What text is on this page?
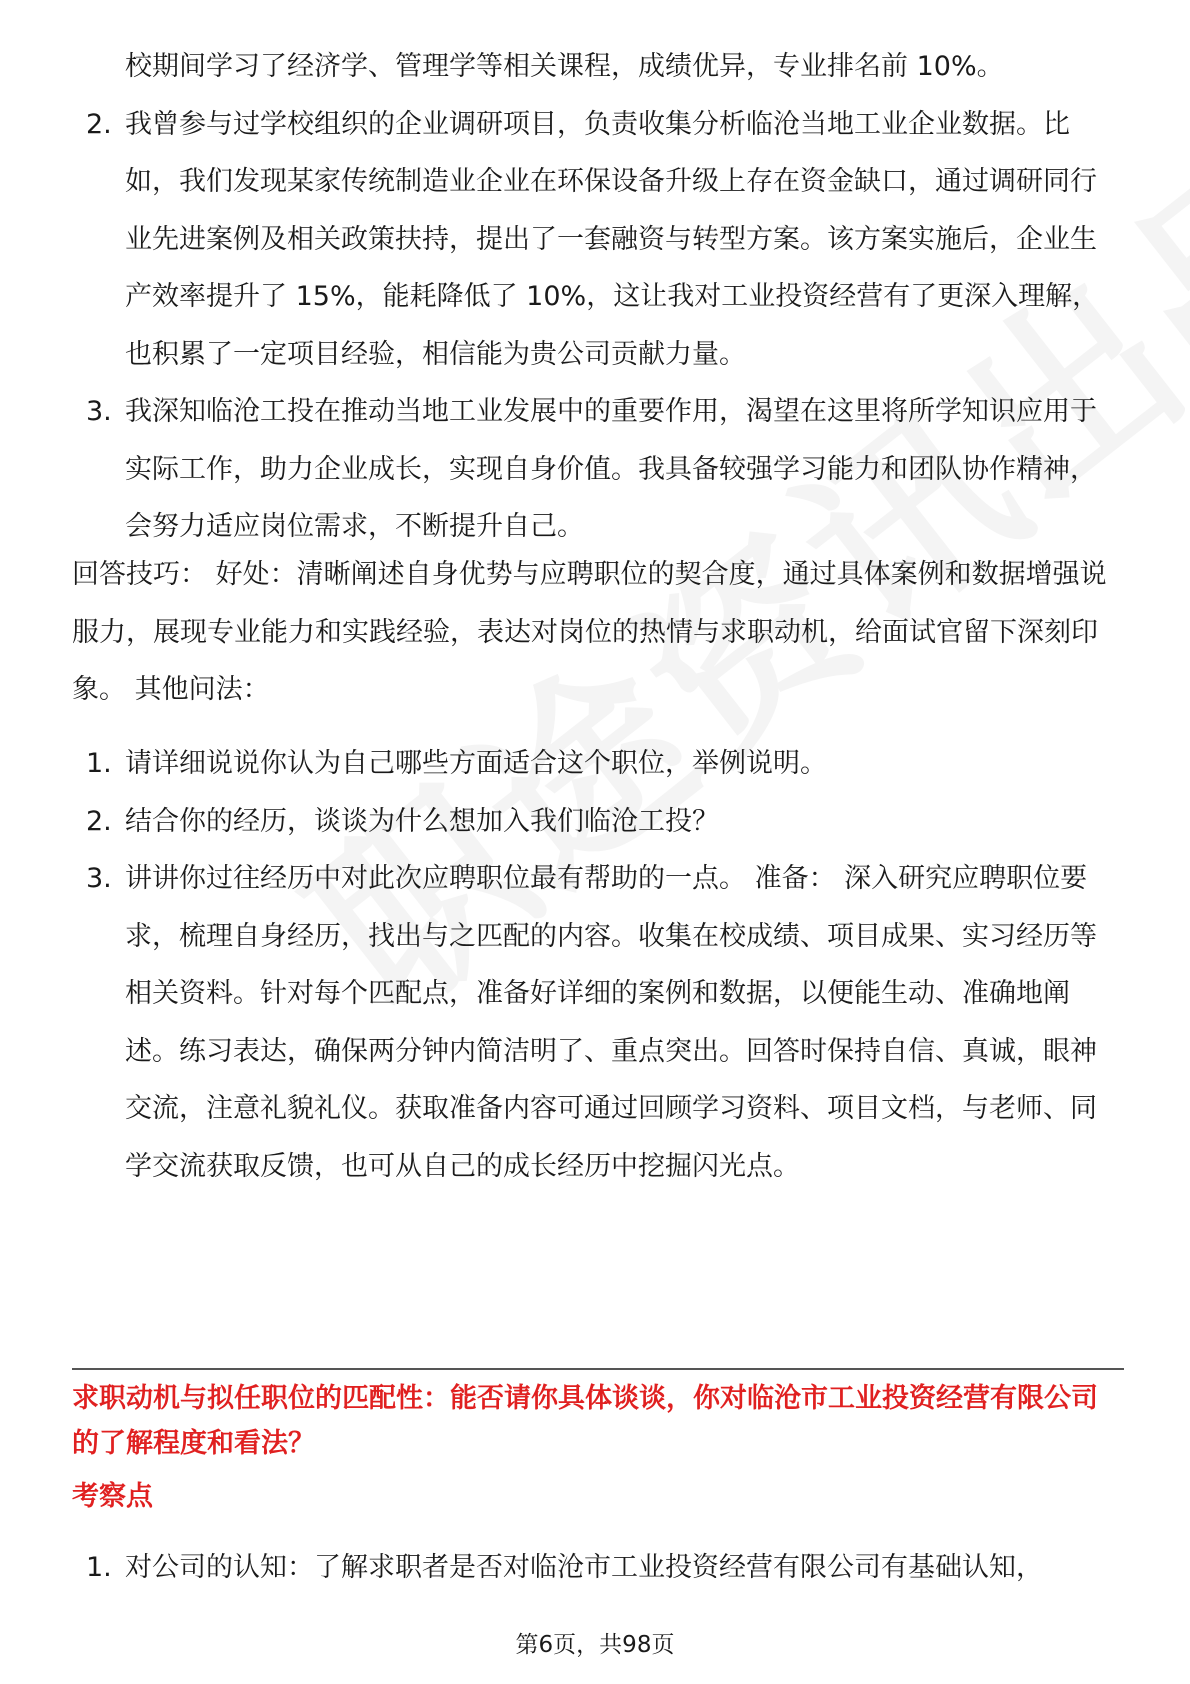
校期间学习了经济学、管理学等相关课程，成绩优异，专业排名前 10%。
2. 我曾参与过学校组织的企业调研项目，负责收集分析临沧当地工业企业数据。比如，我们发现某家传统制造业企业在环保设备升级上存在资金缺口，通过调研同行业先进案例及相关政策扶持，提出了一套融资与转型方案。该方案实施后，企业生产效率提升了 15%，能耗降低了 10%，这让我对工业投资经营有了更深入理解，也积累了一定项目经验，相信能为贵公司贡献力量。
3. 我深知临沧工投在推动当地工业发展中的重要作用，渴望在这里将所学知识应用于实际工作，助力企业成长，实现自身价值。我具备较强学习能力和团队协作精神，会努力适应岗位需求，不断提升自己。

回答技巧： 好处：清晰阐述自身优势与应聘职位的契合度，通过具体案例和数据增强说服力，展现专业能力和实践经验，表达对岗位的热情与求职动机，给面试官留下深刻印象。 其他问法：

1. 请详细说说你认为自己哪些方面适合这个职位，举例说明。
2. 结合你的经历，谈谈为什么想加入我们临沧工投？
3. 讲讲你过往经历中对此次应聘职位最有帮助的一点。 准备： 深入研究应聘职位要求，梳理自身经历，找出与之匹配的内容。收集在校成绩、项目成果、实习经历等相关资料。针对每个匹配点，准备好详细的案例和数据，以便能生动、准确地阐述。练习表达，确保两分钟内简洁明了、重点突出。回答时保持自信、真诚，眼神交流，注意礼貌礼仪。获取准备内容可通过回顾学习资料、项目文档，与老师、同学交流获取反馈，也可从自己的成长经历中挖掘闪光点。

求职动机与拟任职位的匹配性：能否请你具体谈谈，你对临沧市工业投资经营有限公司的了解程度和看法？

考察点

1. 对公司的认知：了解求职者是否对临沧市工业投资经营有限公司有基础认知，
第6页，共98页
